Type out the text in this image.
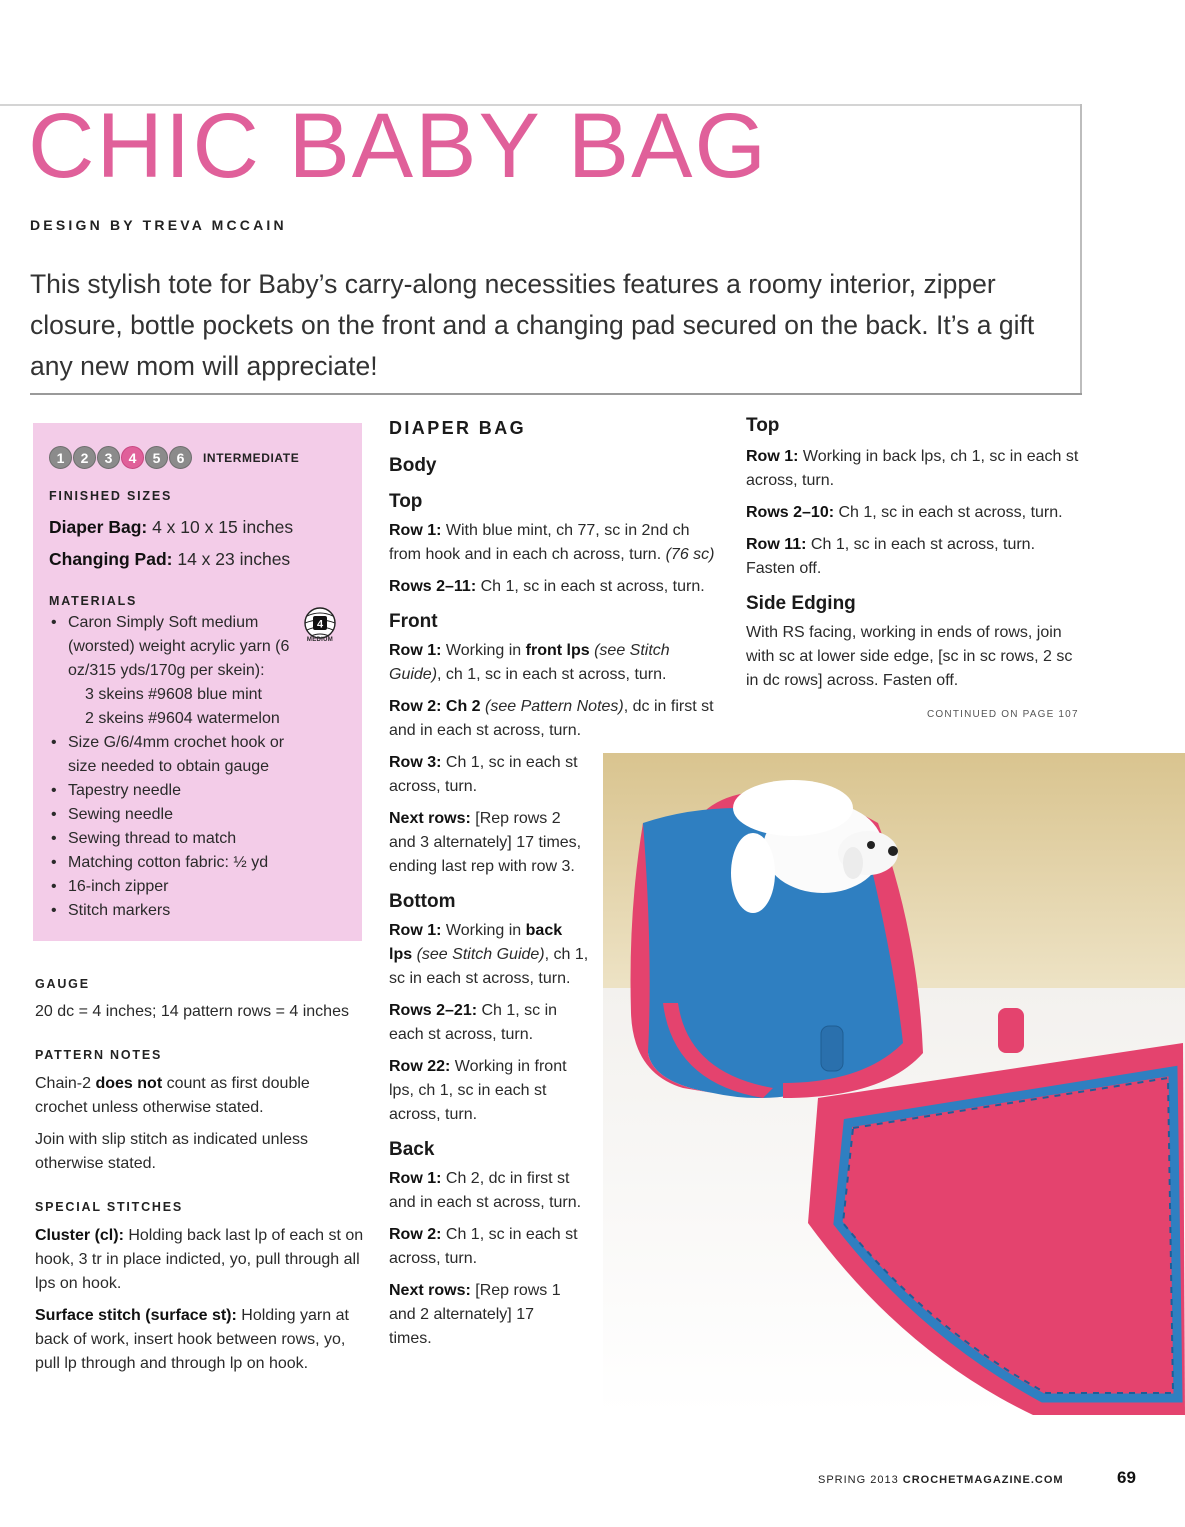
CHIC BABY BAG
DESIGN BY TREVA MCCAIN
This stylish tote for Baby’s carry-along necessities features a roomy interior, zipper closure, bottle pockets on the front and a changing pad secured on the back. It’s a gift any new mom will appreciate!
1	2	3	4	5	6	INTERMEDIATE
FINISHED SIZES
Diaper Bag: 4 x 10 x 15 inches
Changing Pad: 14 x 23 inches
MATERIALS
4
MEDIUM
• Caron Simply Soft medium (worsted) weight acrylic yarn (6 oz/315 yds/170g per skein):
3 skeins #9608 blue mint
2 skeins #9604 watermelon
• Size G/6/4mm crochet hook or size needed to obtain gauge
• Tapestry needle
• Sewing needle
• Sewing thread to match
• Matching cotton fabric: ½ yd
• 16-inch zipper
• Stitch markers
GAUGE
20 dc = 4 inches; 14 pattern rows = 4 inches
PATTERN NOTES

Chain-2 does not count as first double crochet unless otherwise stated.

Join with slip stitch as indicated unless otherwise stated.

SPECIAL STITCHES

Cluster (cl): Holding back last lp of each st on hook, 3 tr in place indicted, yo, pull through all lps on hook.

Surface stitch (surface st): Holding yarn at back of work, insert hook between rows, yo, pull lp through and through lp on hook.

DIAPER BAG
Body
Top

Row 1: With blue mint, ch 77, sc in 2nd ch from hook and in each ch across, turn. (76 sc)

Rows 2–11: Ch 1, sc in each st across, turn.

Front

Row 1: Working in front lps (see Stitch Guide), ch 1, sc in each st across, turn.

Row 2: Ch 2 (see Pattern Notes), dc in first st and in each st across, turn.

Row 3: Ch 1, sc in each st across, turn.

Next rows: [Rep rows 2 and 3 alternately] 17 times, ending last rep with row 3.

Bottom

Row 1: Working in back lps (see Stitch Guide), ch 1, sc in each st across, turn.

Rows 2–21: Ch 1, sc in each st across, turn.

Row 22: Working in front lps, ch 1, sc in each st across, turn.

Back

Row 1: Ch 2, dc in first st and in each st across, turn.

Row 2: Ch 1, sc in each st across, turn.

Next rows: [Rep rows 1 and 2 alternately] 17 times.

Top

Row 1: Working in back lps, ch 1, sc in each st across, turn.

Rows 2–10: Ch 1, sc in each st across, turn.

Row 11: Ch 1, sc in each st across, turn. Fasten off.

Side Edging

With RS facing, working in ends of rows, join with sc at lower side edge, [sc in sc rows, 2 sc in dc rows] across. Fasten off.

CONTINUED ON PAGE 107
SPRING 2013 CROCHETMAGAZINE.COM	69
